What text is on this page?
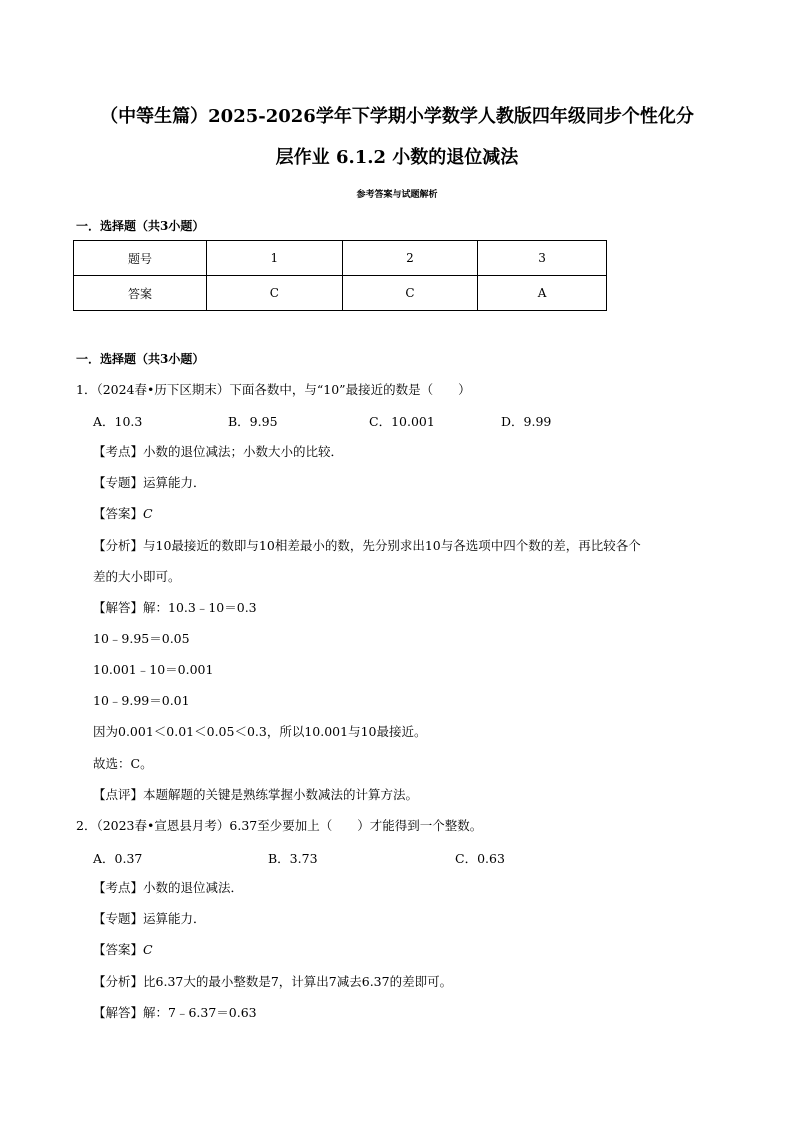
（中等生篇）2025-2026学年下学期小学数学人教版四年级同步个性化分
层作业 6.1.2 小数的退位减法
参考答案与试题解析
一．选择题（共3小题）
题号	1	2	3
答案	C	C	A
一．选择题（共3小题）
1．（2024春•历下区期末）下面各数中，与“10”最接近的数是（　　）
A．10.3	B．9.95	C．10.001	D．9.99
【考点】小数的退位减法；小数大小的比较．
【专题】运算能力．
【答案】C
【分析】与10最接近的数即与10相差最小的数，先分别求出10与各选项中四个数的差，再比较各个
差的大小即可。
【解答】解：10.3﹣10＝0.3
10﹣9.95＝0.05
10.001﹣10＝0.001
10﹣9.99＝0.01
因为0.001＜0.01＜0.05＜0.3，所以10.001与10最接近。
故选：C。
【点评】本题解题的关键是熟练掌握小数减法的计算方法。
2．（2023春•宣恩县月考）6.37至少要加上（　　）才能得到一个整数。
A．0.37	B．3.73	C．0.63
【考点】小数的退位减法．
【专题】运算能力．
【答案】C
【分析】比6.37大的最小整数是7，计算出7减去6.37的差即可。
【解答】解：7﹣6.37＝0.63
